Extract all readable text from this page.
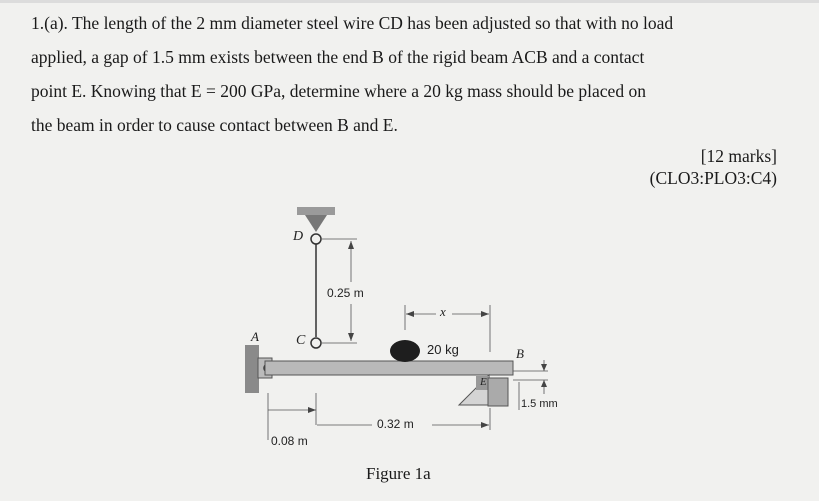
1.(a). The length of the 2 mm diameter steel wire CD has been adjusted so that with no load
applied, a gap of 1.5 mm exists between the end B of the rigid beam ACB and a contact
point E. Knowing that E = 200 GPa, determine where a 20 kg mass should be placed on
the beam in order to cause contact between B and E.
[12 marks]
(CLO3:PLO3:C4)
D
C
A
B
E
x
0.25 m
20 kg
0.32 m
0.08 m
1.5 mm
Figure 1a
